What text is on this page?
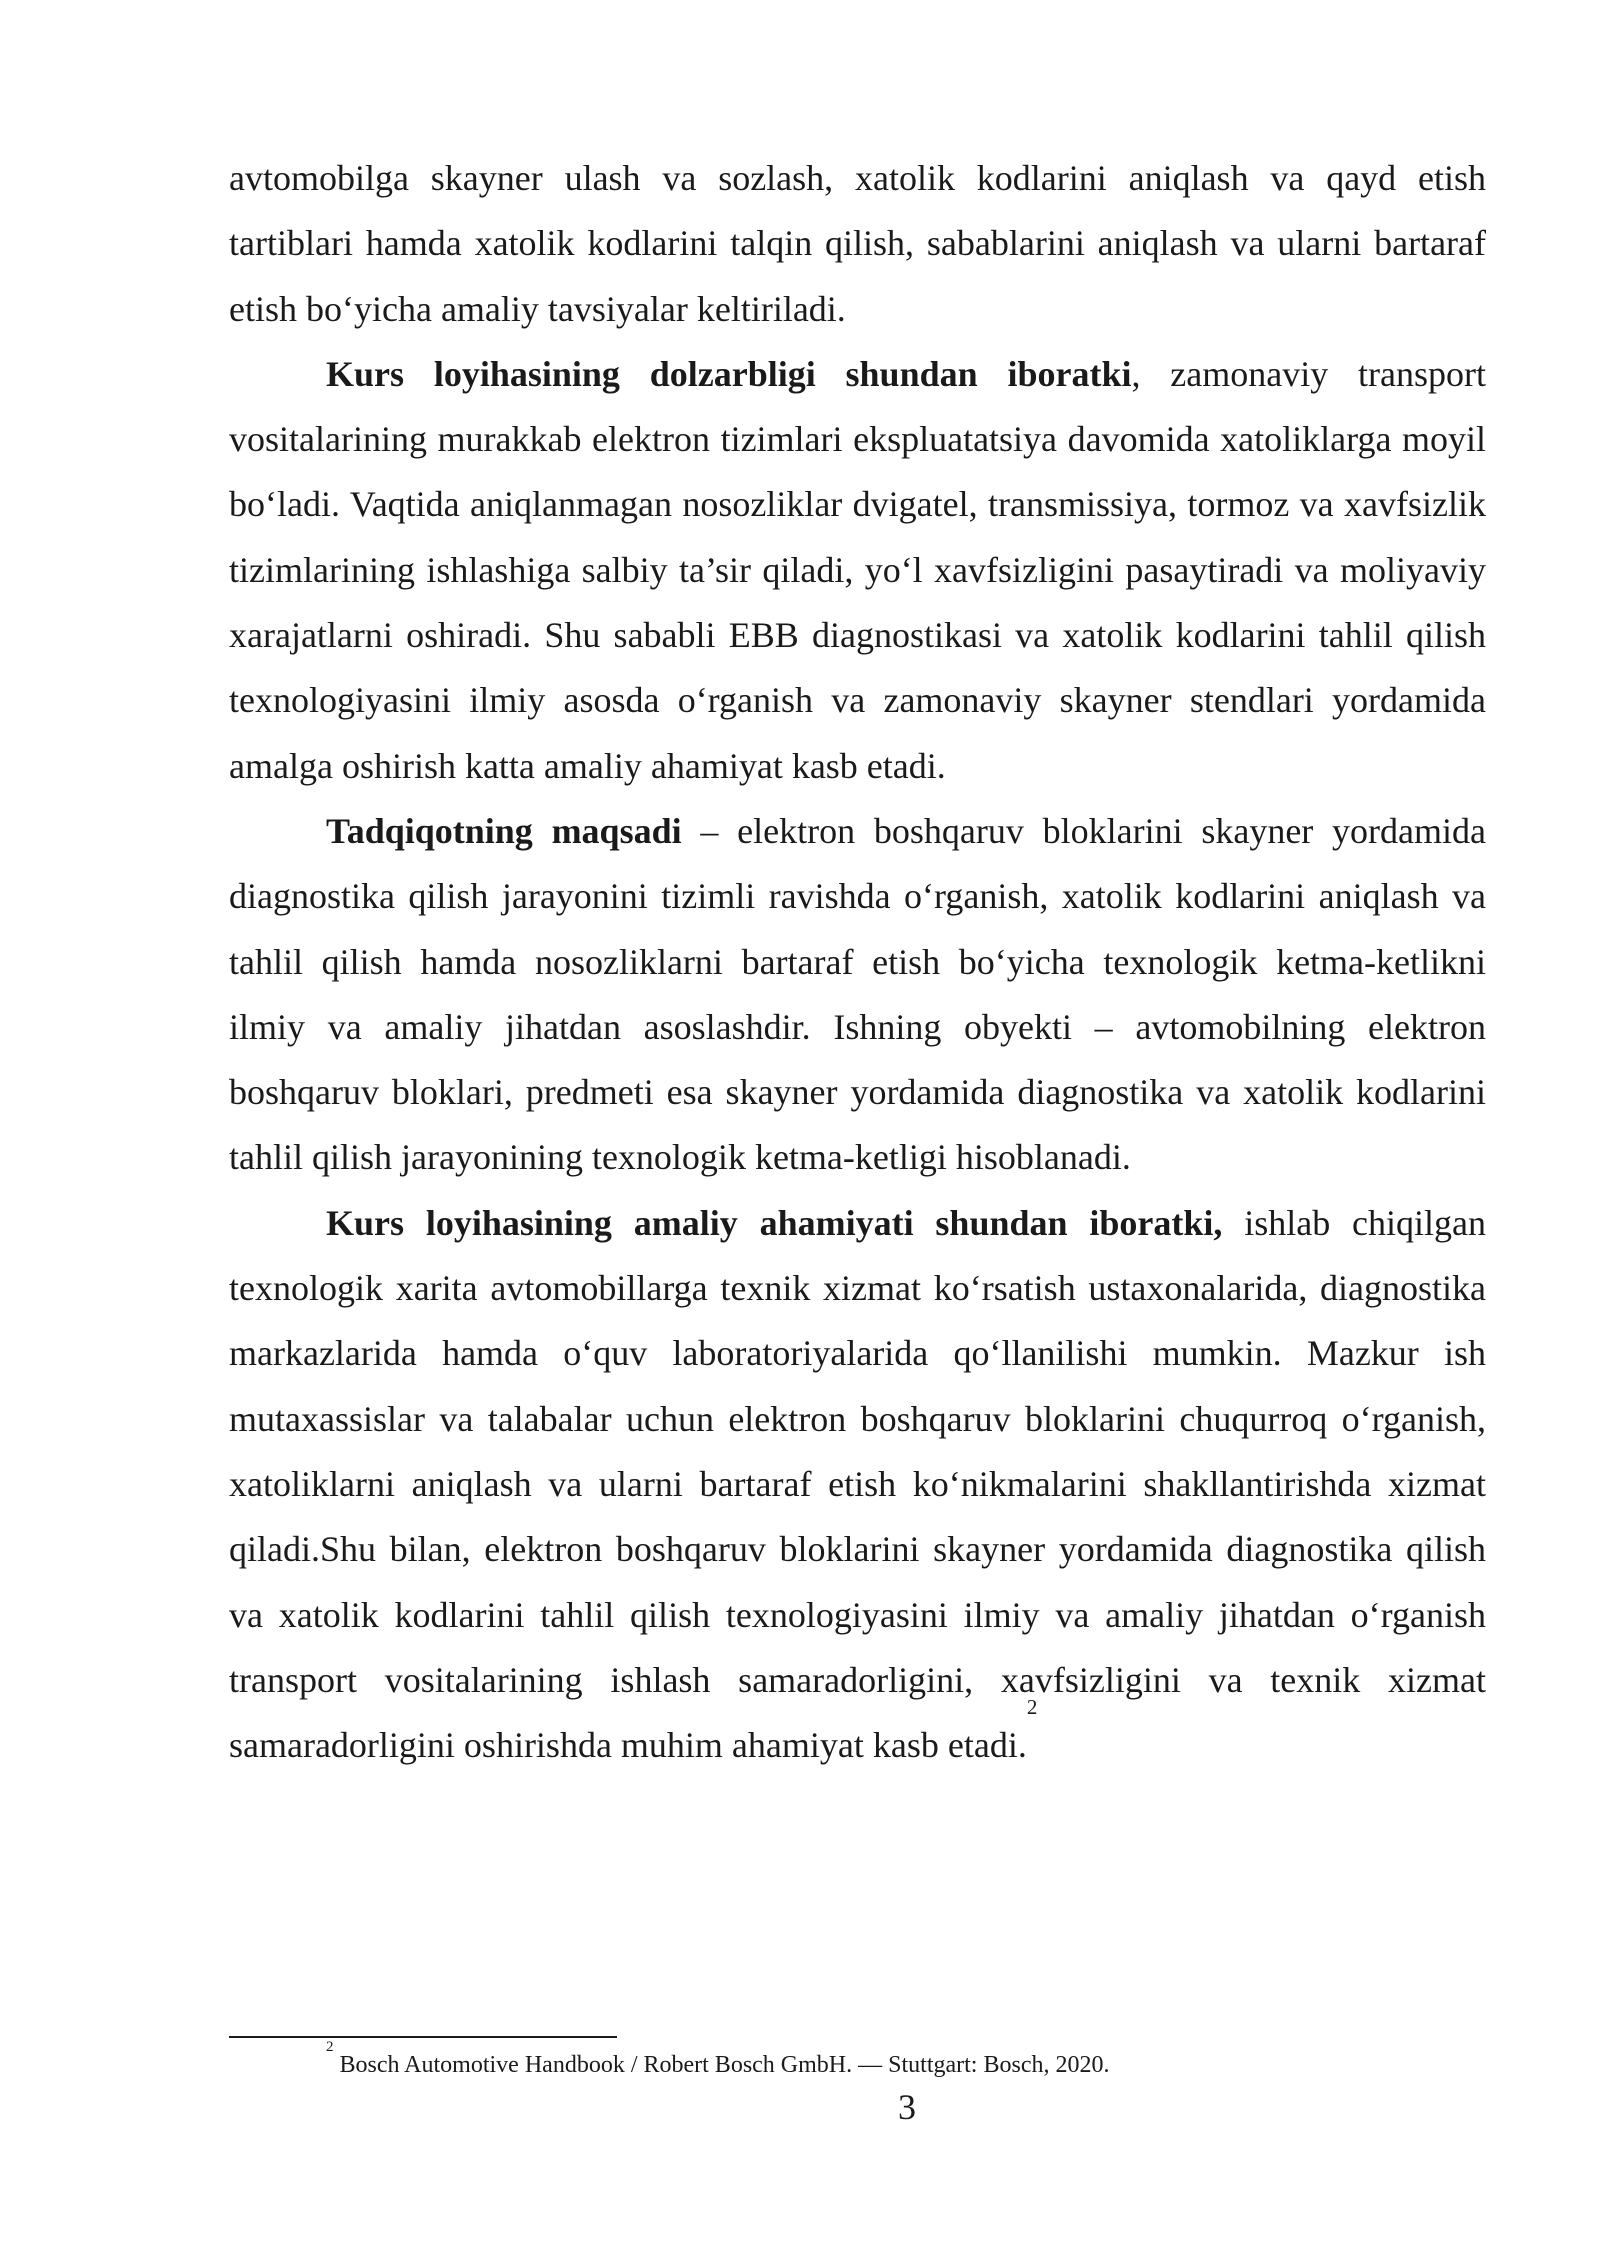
avtomobilga skayner ulash va sozlash, xatolik kodlarini aniqlash va qayd etish tartiblari hamda xatolik kodlarini talqin qilish, sabablarini aniqlash va ularni bartaraf etish bo‘yicha amaliy tavsiyalar keltiriladi.

Kurs loyihasining dolzarbligi shundan iboratki, zamonaviy transport vositalarining murakkab elektron tizimlari ekspluatatsiya davomida xatoliklarga moyil bo‘ladi. Vaqtida aniqlanmagan nosozliklar dvigatel, transmissiya, tormoz va xavfsizlik tizimlarining ishlashiga salbiy ta’sir qiladi, yo‘l xavfsizligini pasaytiradi va moliyaviy xarajatlarni oshiradi. Shu sababli EBB diagnostikasi va xatolik kodlarini tahlil qilish texnologiyasini ilmiy asosda o‘rganish va zamonaviy skayner stendlari yordamida amalga oshirish katta amaliy ahamiyat kasb etadi.

Tadqiqotning maqsadi – elektron boshqaruv bloklarini skayner yordamida diagnostika qilish jarayonini tizimli ravishda o‘rganish, xatolik kodlarini aniqlash va tahlil qilish hamda nosozliklarni bartaraf etish bo‘yicha texnologik ketma-ketlikni ilmiy va amaliy jihatdan asoslashdir. Ishning obyekti – avtomobilning elektron boshqaruv bloklari, predmeti esa skayner yordamida diagnostika va xatolik kodlarini tahlil qilish jarayonining texnologik ketma-ketligi hisoblanadi.

Kurs loyihasining amaliy ahamiyati shundan iboratki, ishlab chiqilgan texnologik xarita avtomobillarga texnik xizmat ko‘rsatish ustaxonalarida, diagnostika markazlarida hamda o‘quv laboratoriyalarida qo‘llanilishi mumkin. Mazkur ish mutaxassislar va talabalar uchun elektron boshqaruv bloklarini chuqurroq o‘rganish, xatoliklarni aniqlash va ularni bartaraf etish ko‘nikmalarini shakllantirishda xizmat qiladi.Shu bilan, elektron boshqaruv bloklarini skayner yordamida diagnostika qilish va xatolik kodlarini tahlil qilish texnologiyasini ilmiy va amaliy jihatdan o‘rganish transport vositalarining ishlash samaradorligini, xavfsizligini va texnik xizmat samaradorligini oshirishda muhim ahamiyat kasb etadi.$^2$

$^2$ Bosch Automotive Handbook / Robert Bosch GmbH. — Stuttgart: Bosch, 2020.
3
